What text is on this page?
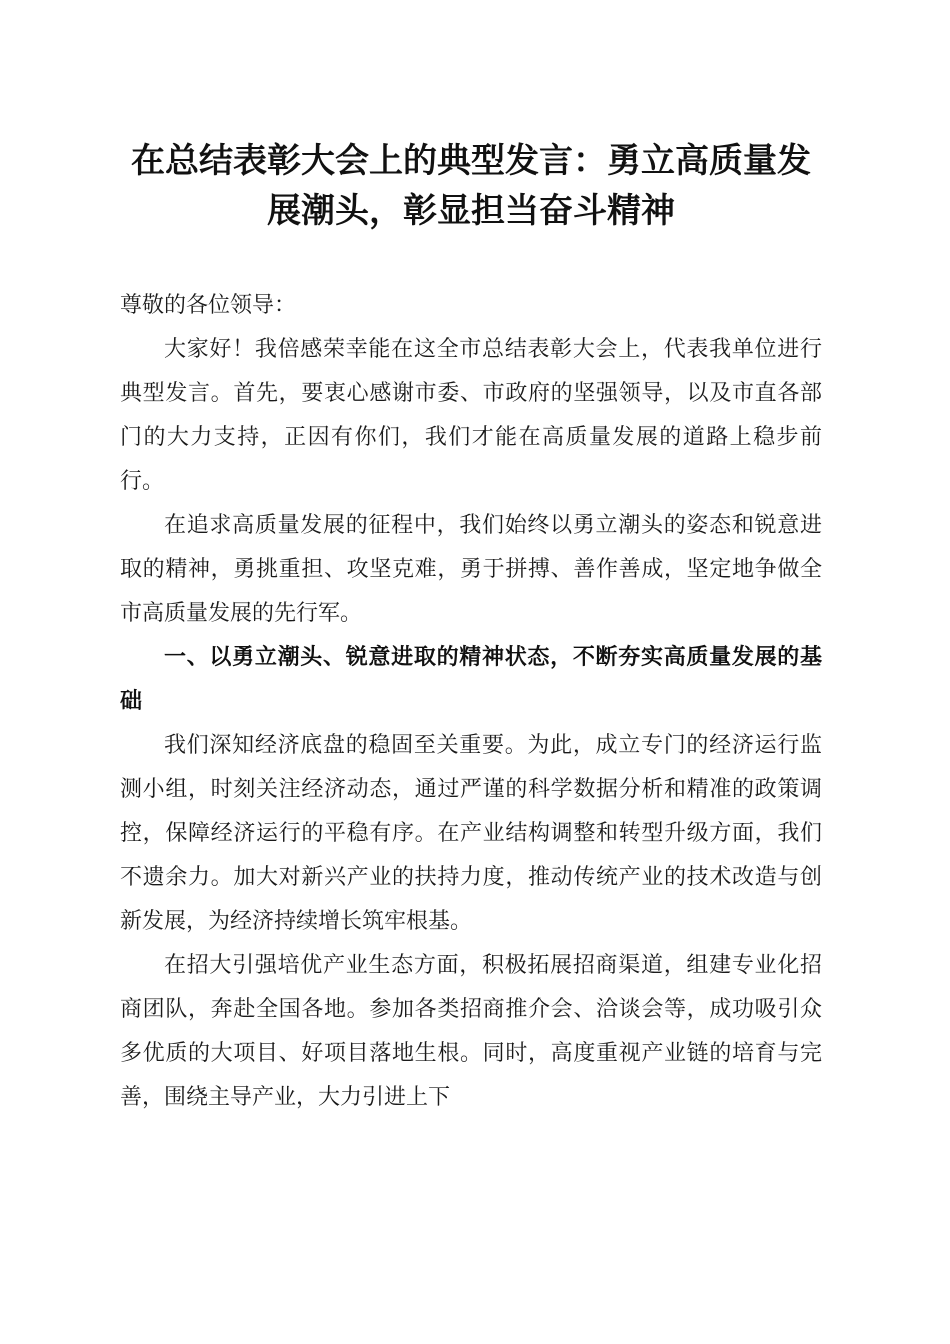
在总结表彰大会上的典型发言：勇立高质量发展潮头，彰显担当奋斗精神

尊敬的各位领导：

大家好！我倍感荣幸能在这全市总结表彰大会上，代表我单位进行典型发言。首先，要衷心感谢市委、市政府的坚强领导，以及市直各部门的大力支持，正因有你们，我们才能在高质量发展的道路上稳步前行。

在追求高质量发展的征程中，我们始终以勇立潮头的姿态和锐意进取的精神，勇挑重担、攻坚克难，勇于拼搏、善作善成，坚定地争做全市高质量发展的先行军。

一、以勇立潮头、锐意进取的精神状态，不断夯实高质量发展的基础

我们深知经济底盘的稳固至关重要。为此，成立专门的经济运行监测小组，时刻关注经济动态，通过严谨的科学数据分析和精准的政策调控，保障经济运行的平稳有序。在产业结构调整和转型升级方面，我们不遗余力。加大对新兴产业的扶持力度，推动传统产业的技术改造与创新发展，为经济持续增长筑牢根基。

在招大引强培优产业生态方面，积极拓展招商渠道，组建专业化招商团队，奔赴全国各地。参加各类招商推介会、洽谈会等，成功吸引众多优质的大项目、好项目落地生根。同时，高度重视产业链的培育与完善，围绕主导产业，大力引进上下
